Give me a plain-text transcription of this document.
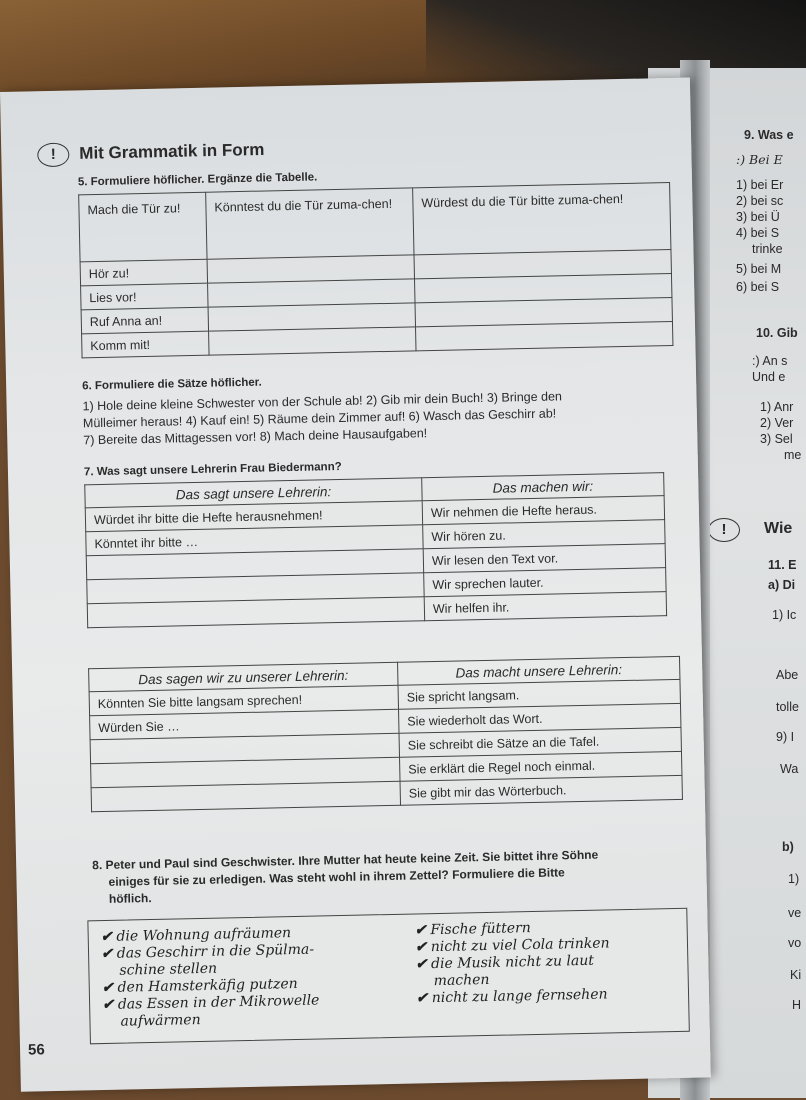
9. Was e
:) Bei E
1) bei Er
2) bei sc
3) bei Ü
4) bei S
trinke
5) bei M
6) bei S
10. Gib
:) An s
Und e
1) Anr
2) Ver
3) Sel
me
!	Wie
11. E
a) Di
1) Ic
Abe
tolle
9) I
Wa
b)
1)
ve
vo
Ki
H
! Mit Grammatik in Form
5. Formuliere höflicher. Ergänze die Tabelle.
Mach die Tür zu!	Könntest du die Tür zuma-chen!	Würdest du die Tür bitte zuma-chen!
Hör zu!		
Lies vor!		
Ruf Anna an!		
Komm mit!		
6. Formuliere die Sätze höflicher.
1) Hole deine kleine Schwester von der Schule ab! 2) Gib mir dein Buch! 3) Bringe den
Mülleimer heraus! 4) Kauf ein! 5) Räume dein Zimmer auf! 6) Wasch das Geschirr ab!
7) Bereite das Mittagessen vor! 8) Mach deine Hausaufgaben!
7. Was sagt unsere Lehrerin Frau Biedermann?
Das sagt unsere Lehrerin:	Das machen wir:
Würdet ihr bitte die Hefte herausnehmen!	Wir nehmen die Hefte heraus.
Könntet ihr bitte …	Wir hören zu.
	Wir lesen den Text vor.
	Wir sprechen lauter.
	Wir helfen ihr.
Das sagen wir zu unserer Lehrerin:	Das macht unsere Lehrerin:
Könnten Sie bitte langsam sprechen!	Sie spricht langsam.
Würden Sie …	Sie wiederholt das Wort.
	Sie schreibt die Sätze an die Tafel.
	Sie erklärt die Regel noch einmal.
	Sie gibt mir das Wörterbuch.
8. Peter und Paul sind Geschwister. Ihre Mutter hat heute keine Zeit. Sie bittet ihre Söhne
einiges für sie zu erledigen. Was steht wohl in ihrem Zettel? Formuliere die Bitte
höflich.
✔ die Wohnung aufräumen
✔ das Geschirr in die Spülma-
schine stellen
✔ den Hamsterkäfig putzen
✔ das Essen in der Mikrowelle
aufwärmen
✔ Fische füttern
✔ nicht zu viel Cola trinken
✔ die Musik nicht zu laut
machen
✔ nicht zu lange fernsehen
56
